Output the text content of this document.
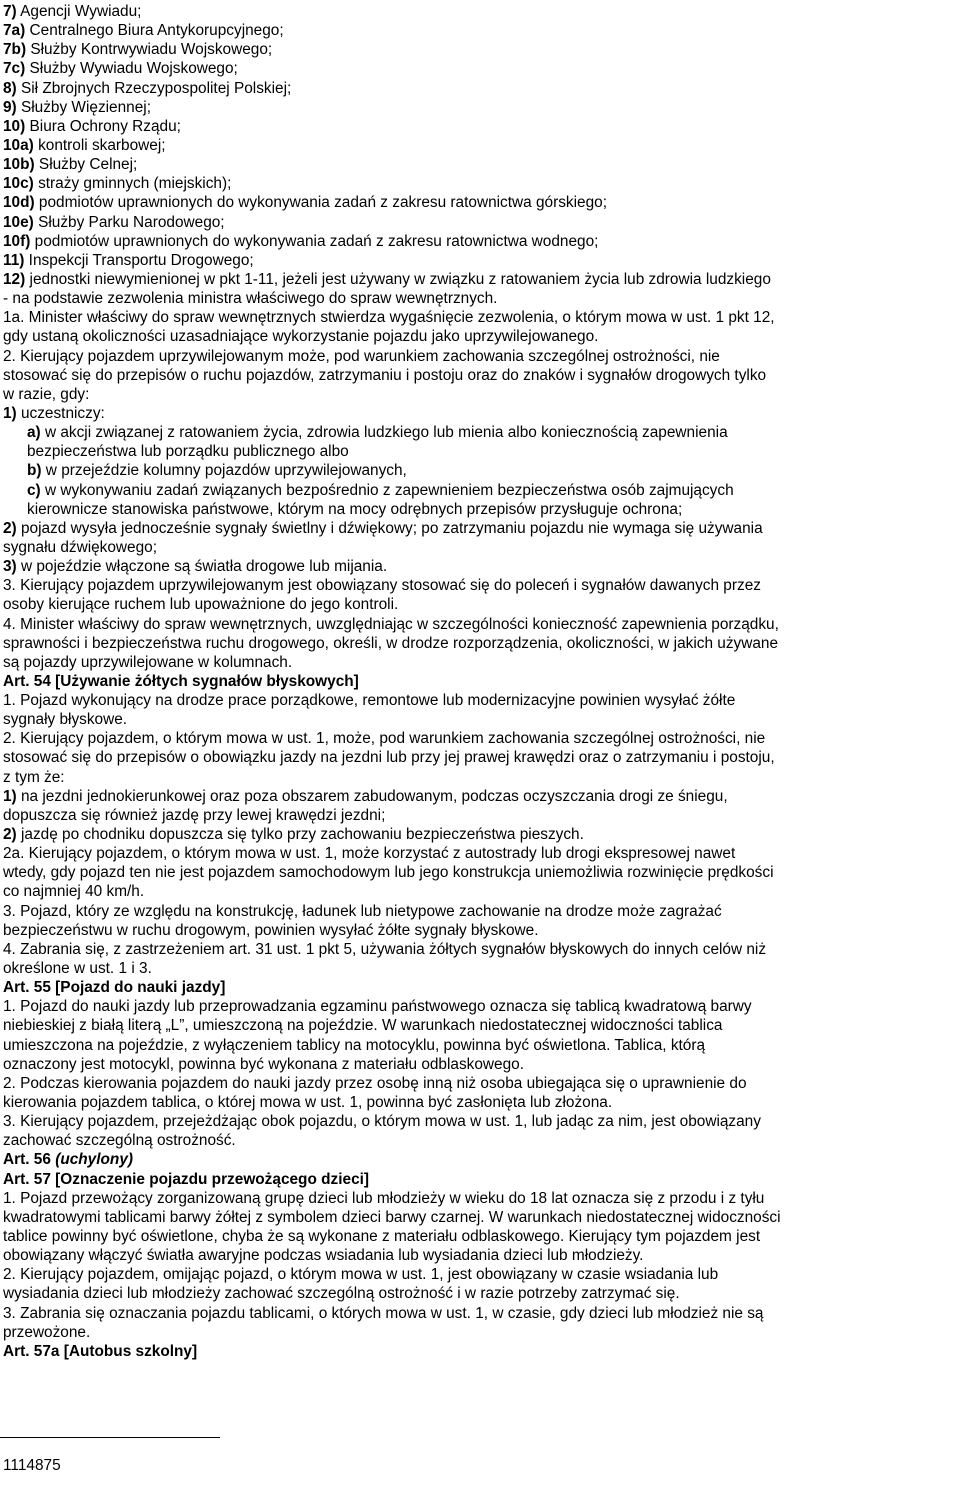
7) Agencji Wywiadu;
7a) Centralnego Biura Antykorupcyjnego;
7b) Służby Kontrwywiadu Wojskowego;
7c) Służby Wywiadu Wojskowego;
8) Sił Zbrojnych Rzeczypospolitej Polskiej;
9) Służby Więziennej;
10) Biura Ochrony Rządu;
10a) kontroli skarbowej;
10b) Służby Celnej;
10c) straży gminnych (miejskich);
10d) podmiotów uprawnionych do wykonywania zadań z zakresu ratownictwa górskiego;
10e) Służby Parku Narodowego;
10f) podmiotów uprawnionych do wykonywania zadań z zakresu ratownictwa wodnego;
11) Inspekcji Transportu Drogowego;
12) jednostki niewymienionej w pkt 1-11, jeżeli jest używany w związku z ratowaniem życia lub zdrowia ludzkiego
- na podstawie zezwolenia ministra właściwego do spraw wewnętrznych.
1a. Minister właściwy do spraw wewnętrznych stwierdza wygaśnięcie zezwolenia, o którym mowa w ust. 1 pkt 12,
gdy ustaną okoliczności uzasadniające wykorzystanie pojazdu jako uprzywilejowanego.
2. Kierujący pojazdem uprzywilejowanym może, pod warunkiem zachowania szczególnej ostrożności, nie
stosować się do przepisów o ruchu pojazdów, zatrzymaniu i postoju oraz do znaków i sygnałów drogowych tylko
w razie, gdy:
1) uczestniczy:
a) w akcji związanej z ratowaniem życia, zdrowia ludzkiego lub mienia albo koniecznością zapewnienia
bezpieczeństwa lub porządku publicznego albo
b) w przejeździe kolumny pojazdów uprzywilejowanych,
c) w wykonywaniu zadań związanych bezpośrednio z zapewnieniem bezpieczeństwa osób zajmujących
kierownicze stanowiska państwowe, którym na mocy odrębnych przepisów przysługuje ochrona;
2) pojazd wysyła jednocześnie sygnały świetlny i dźwiękowy; po zatrzymaniu pojazdu nie wymaga się używania
sygnału dźwiękowego;
3) w pojeździe włączone są światła drogowe lub mijania.
3. Kierujący pojazdem uprzywilejowanym jest obowiązany stosować się do poleceń i sygnałów dawanych przez
osoby kierujące ruchem lub upoważnione do jego kontroli.
4. Minister właściwy do spraw wewnętrznych, uwzględniając w szczególności konieczność zapewnienia porządku,
sprawności i bezpieczeństwa ruchu drogowego, określi, w drodze rozporządzenia, okoliczności, w jakich używane
są pojazdy uprzywilejowane w kolumnach.
Art. 54 [Używanie żółtych sygnałów błyskowych]
1. Pojazd wykonujący na drodze prace porządkowe, remontowe lub modernizacyjne powinien wysyłać żółte
sygnały błyskowe.
2. Kierujący pojazdem, o którym mowa w ust. 1, może, pod warunkiem zachowania szczególnej ostrożności, nie
stosować się do przepisów o obowiązku jazdy na jezdni lub przy jej prawej krawędzi oraz o zatrzymaniu i postoju,
z tym że:
1) na jezdni jednokierunkowej oraz poza obszarem zabudowanym, podczas oczyszczania drogi ze śniegu,
dopuszcza się również jazdę przy lewej krawędzi jezdni;
2) jazdę po chodniku dopuszcza się tylko przy zachowaniu bezpieczeństwa pieszych.
2a. Kierujący pojazdem, o którym mowa w ust. 1, może korzystać z autostrady lub drogi ekspresowej nawet
wtedy, gdy pojazd ten nie jest pojazdem samochodowym lub jego konstrukcja uniemożliwia rozwinięcie prędkości
co najmniej 40 km/h.
3. Pojazd, który ze względu na konstrukcję, ładunek lub nietypowe zachowanie na drodze może zagrażać
bezpieczeństwu w ruchu drogowym, powinien wysyłać żółte sygnały błyskowe.
4. Zabrania się, z zastrzeżeniem art. 31 ust. 1 pkt 5, używania żółtych sygnałów błyskowych do innych celów niż
określone w ust. 1 i 3.
Art. 55 [Pojazd do nauki jazdy]
1. Pojazd do nauki jazdy lub przeprowadzania egzaminu państwowego oznacza się tablicą kwadratową barwy
niebieskiej z białą literą „L”, umieszczoną na pojeździe. W warunkach niedostatecznej widoczności tablica
umieszczona na pojeździe, z wyłączeniem tablicy na motocyklu, powinna być oświetlona. Tablica, którą
oznaczony jest motocykl, powinna być wykonana z materiału odblaskowego.
2. Podczas kierowania pojazdem do nauki jazdy przez osobę inną niż osoba ubiegająca się o uprawnienie do
kierowania pojazdem tablica, o której mowa w ust. 1, powinna być zasłonięta lub złożona.
3. Kierujący pojazdem, przejeżdżając obok pojazdu, o którym mowa w ust. 1, lub jadąc za nim, jest obowiązany
zachować szczególną ostrożność.
Art. 56 (uchylony)
Art. 57 [Oznaczenie pojazdu przewożącego dzieci]
1. Pojazd przewożący zorganizowaną grupę dzieci lub młodzieży w wieku do 18 lat oznacza się z przodu i z tyłu
kwadratowymi tablicami barwy żółtej z symbolem dzieci barwy czarnej. W warunkach niedostatecznej widoczności
tablice powinny być oświetlone, chyba że są wykonane z materiału odblaskowego. Kierujący tym pojazdem jest
obowiązany włączyć światła awaryjne podczas wsiadania lub wysiadania dzieci lub młodzieży.
2. Kierujący pojazdem, omijając pojazd, o którym mowa w ust. 1, jest obowiązany w czasie wsiadania lub
wysiadania dzieci lub młodzieży zachować szczególną ostrożność i w razie potrzeby zatrzymać się.
3. Zabrania się oznaczania pojazdu tablicami, o których mowa w ust. 1, w czasie, gdy dzieci lub młodzież nie są
przewożone.
Art. 57a [Autobus szkolny]
1114875
